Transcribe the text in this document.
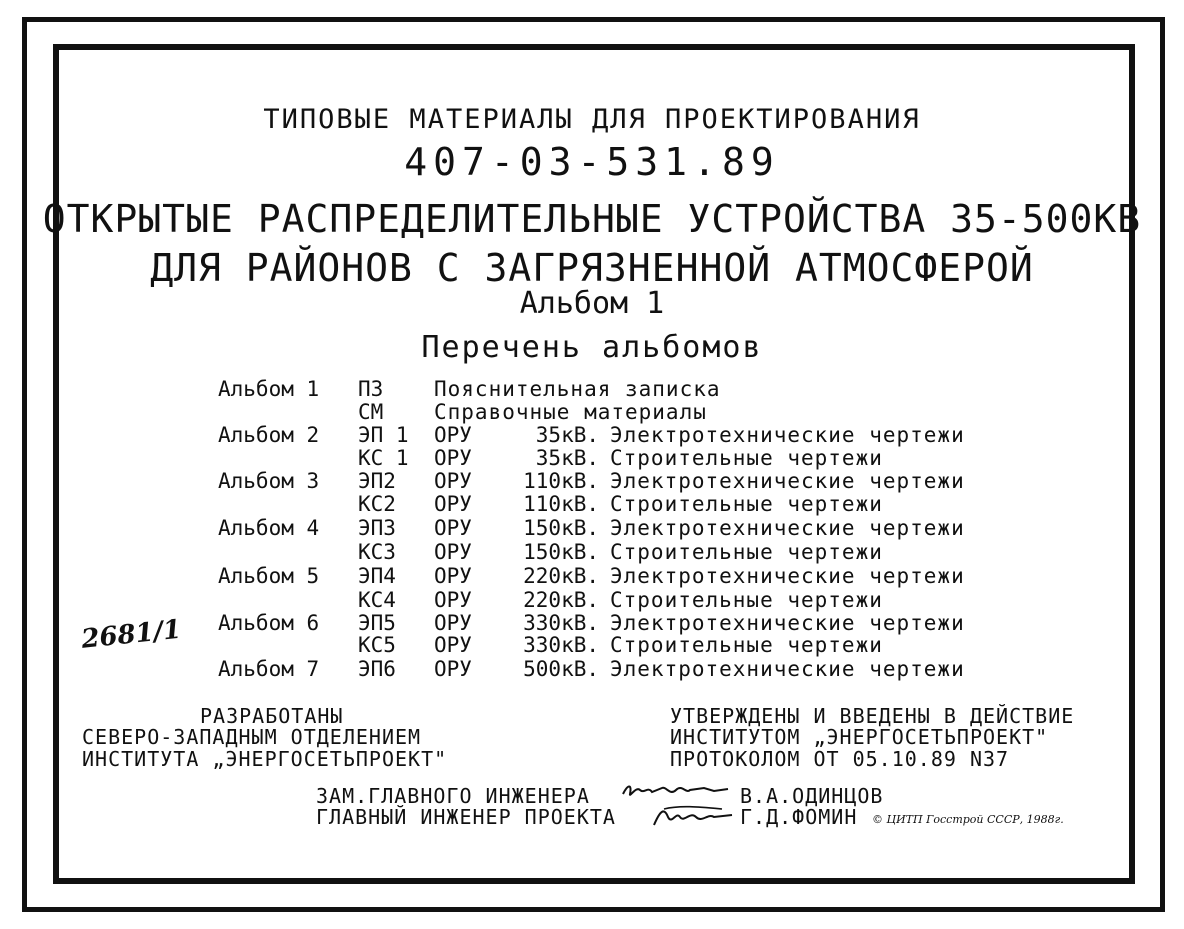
ТИПОВЫЕ МАТЕРИАЛЫ ДЛЯ ПРОЕКТИРОВАНИЯ
407-03-531.89
ОТКРЫТЫЕ РАСПРЕДЕЛИТЕЛЬНЫЕ УСТРОЙСТВА 35-500КВ
ДЛЯ РАЙОНОВ С ЗАГРЯЗНЕННОЙ АТМОСФЕРОЙ
Альбом 1
Перечень альбомов
Альбом 1 ПЗ Пояснительная записка
СМ Справочные материалы
Альбом 2 ЭП 1 ОРУ	35кВ. Электротехнические чертежи
КС 1 ОРУ	35кВ. Строительные чертежи
Альбом 3 ЭП2 ОРУ	110кВ. Электротехнические чертежи
КС2 ОРУ	110кВ. Строительные чертежи
Альбом 4 ЭП3 ОРУ	150кВ. Электротехнические чертежи
КС3 ОРУ	150кВ. Строительные чертежи
Альбом 5 ЭП4 ОРУ	220кВ. Электротехнические чертежи
КС4 ОРУ	220кВ. Строительные чертежи
Альбом 6 ЭП5 ОРУ	330кВ. Электротехнические чертежи
КС5 ОРУ	330кВ. Строительные чертежи
Альбом 7 ЭП6 ОРУ	500кВ. Электротехнические чертежи
2681/1
РАЗРАБОТАНЫ
СЕВЕРО-ЗАПАДНЫМ ОТДЕЛЕНИЕМ
ИНСТИТУТА „ЭНЕРГОСЕТЬПРОЕКТ"
УТВЕРЖДЕНЫ И ВВЕДЕНЫ В ДЕЙСТВИЕ
ИНСТИТУТОМ „ЭНЕРГОСЕТЬПРОЕКТ"
ПРОТОКОЛОМ ОТ 05.10.89 N37
ЗАМ.ГЛАВНОГО ИНЖЕНЕРА	В.А.ОДИНЦОВ
ГЛАВНЫЙ ИНЖЕНЕР ПРОЕКТА	Г.Д.ФОМИН © ЦИТП Госстрой СССР, 1988г.
